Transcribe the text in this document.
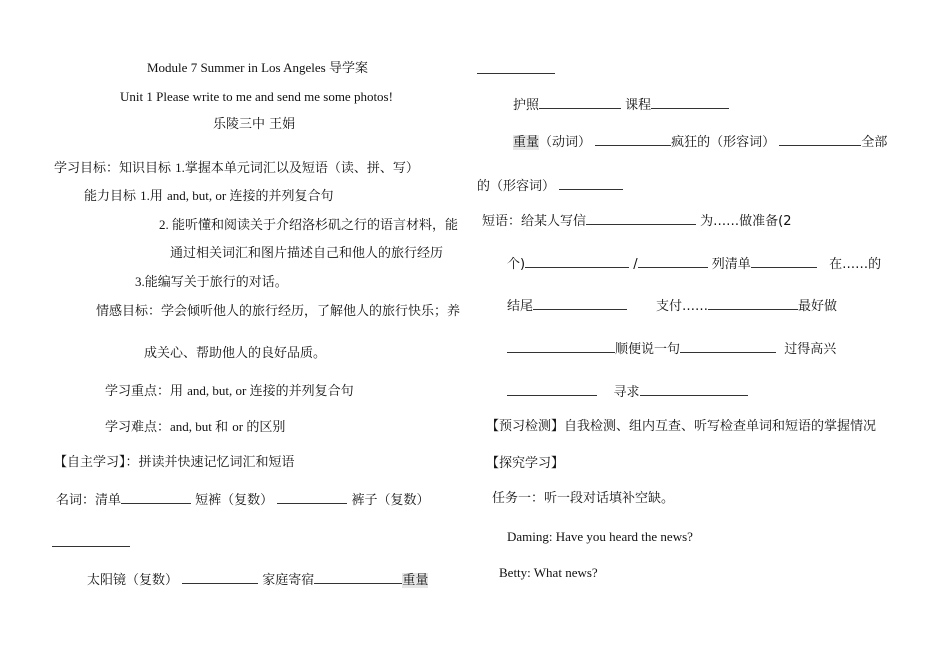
Module 7 Summer in Los Angeles 导学案
Unit 1 Please write to me and send me some photos!
乐陵三中 王娟
学习目标：知识目标 1.掌握本单元词汇以及短语（读、拼、写）
能力目标 1.用 and, but, or 连接的并列复合句
2. 能听懂和阅读关于介绍洛杉矶之行的语言材料，能
通过相关词汇和图片描述自己和他人的旅行经历
3.能编写关于旅行的对话。
情感目标：学会倾听他人的旅行经历，了解他人的旅行快乐；养
成关心、帮助他人的良好品质。
学习重点：用 and, but, or 连接的并列复合句
学习难点：and, but 和 or 的区别
【自主学习】：拼读并快速记忆词汇和短语
名词：清单	短裤（复数）	裤子（复数）
太阳镜（复数）	家庭寄宿	重量
护照	课程
重量（动词）	疯狂的（形容词）	全部
的（形容词）
短语：给某人写信	为……做准备(2
个)	/	列清单	在……的
结尾	支付……	最好做
顺便说一句	过得高兴
寻求
【预习检测】自我检测、组内互查、听写检查单词和短语的掌握情况
【探究学习】
任务一：听一段对话填补空缺。
Daming: Have you heard the news?
Betty: What news?
